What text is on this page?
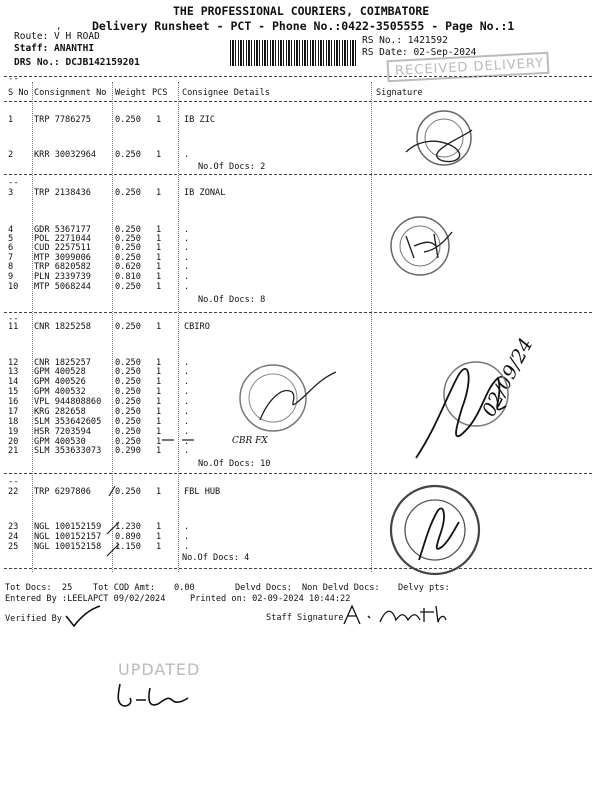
,
THE PROFESSIONAL COURIERS, COIMBATORE
Delivery Runsheet - PCT - Phone No.:0422-3505555 - Page No.:1
Route: V H ROAD
Staff: ANANTHI
DRS No.: DCJB142159201
RS No.: 1421592
RS Date: 02-Sep-2024
RECEIVED DELIVERY
--
S No Consignment No Weight PCS Consignee Details	Signature
--
--
--
1 TRP 7786275	0.250 1	IB ZIC
2 KRR 30032964 0.250 1	.
3 TRP 2138436	0.250 1	IB ZONAL
4 GDR 5367177	0.250 1	.
5 POL 2271044	0.250 1	.
6 CUD 2257511	0.250 1	.
7 MTP 3099006	0.250 1	.
8 TRP 6820582	0.620 1	.
9 PLN 2339739	0.810 1	.
10 MTP 5068244	0.250 1	.
11 CNR 1825258	0.250 1	CBIRO
12 CNR 1825257	0.250 1	.
13 GPM 400528	0.250 1	.
14 GPM 400526	0.250 1	.
15 GPM 400532	0.250 1	.
16 VPL 944808860 0.250 1	.
17 KRG 282658	0.250 1	.
18 SLM 353642605 0.250 1	.
19 HSR 7203594	0.250 1	.
20 GPM 400530	0.250 1	.
21 SLM 353633073 0.290 1	.
22 TRP 6297806	0.250 1	FBL HUB
23 NGL 100152159 1.230 1	.
24 NGL 100152157 0.890 1	.
25 NGL 100152158 1.150 1	.
No.Of Docs: 2
No.Of Docs: 8
No.Of Docs: 10
No.Of Docs: 4
Tot Docs:  25 Tot COD Amt: 0.00	Delvd Docs: Non Delvd Docs: Delvy pts:
Entered By :LEELAPCT 09/02/2024	Printed on: 02-09-2024 10:44:22
Verified By	Staff Signature
UPDATED
CBR FX
02/09/24
